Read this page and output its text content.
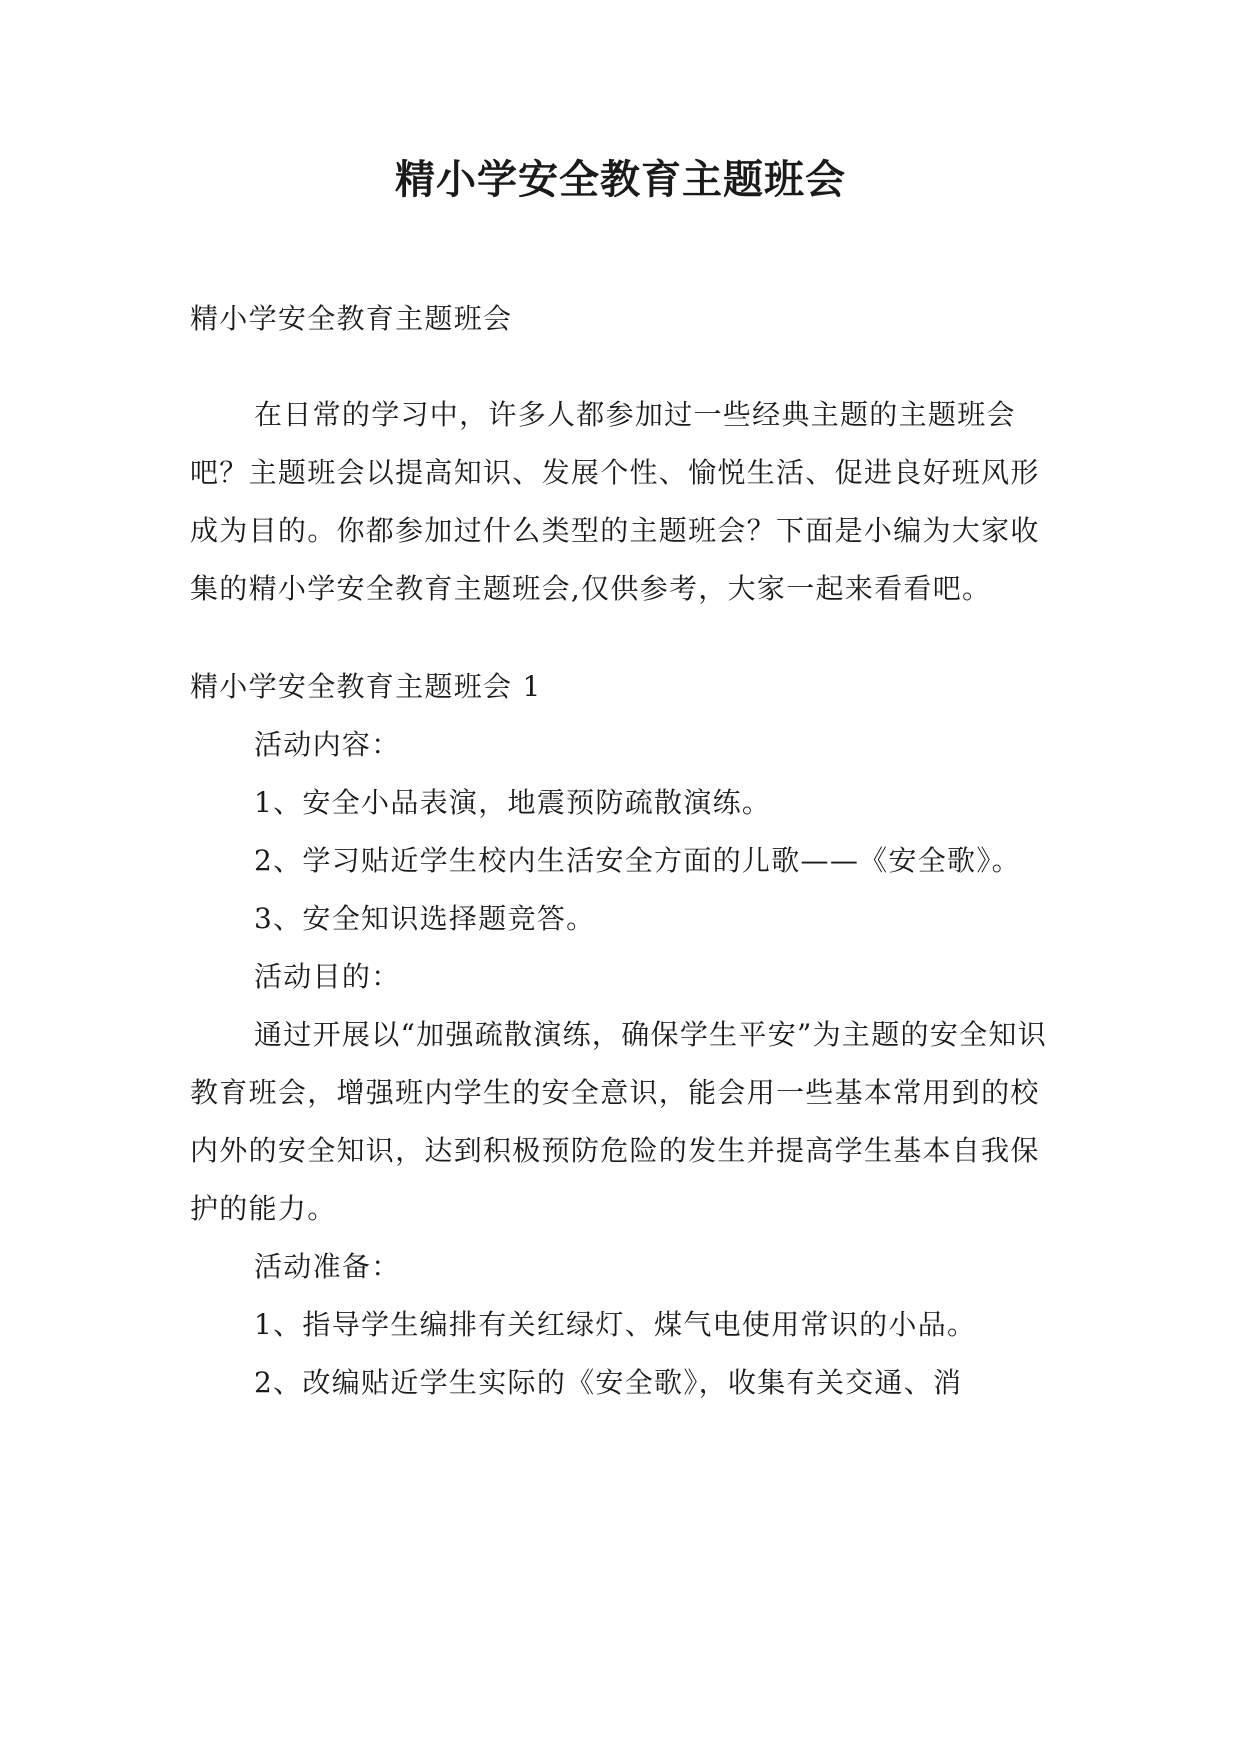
精小学安全教育主题班会

精小学安全教育主题班会

在日常的学习中，许多人都参加过一些经典主题的主题班会吧？主题班会以提高知识、发展个性、愉悦生活、促进良好班风形成为目的。你都参加过什么类型的主题班会？下面是小编为大家收集的精小学安全教育主题班会,仅供参考，大家一起来看看吧。

精小学安全教育主题班会 1

活动内容：

1、安全小品表演，地震预防疏散演练。

2、学习贴近学生校内生活安全方面的儿歌——《安全歌》。

3、安全知识选择题竞答。

活动目的：

通过开展以“加强疏散演练，确保学生平安”为主题的安全知识教育班会，增强班内学生的安全意识，能会用一些基本常用到的校内外的安全知识，达到积极预防危险的发生并提高学生基本自我保护的能力。

活动准备：

1、指导学生编排有关红绿灯、煤气电使用常识的小品。

2、改编贴近学生实际的《安全歌》，收集有关交通、消
